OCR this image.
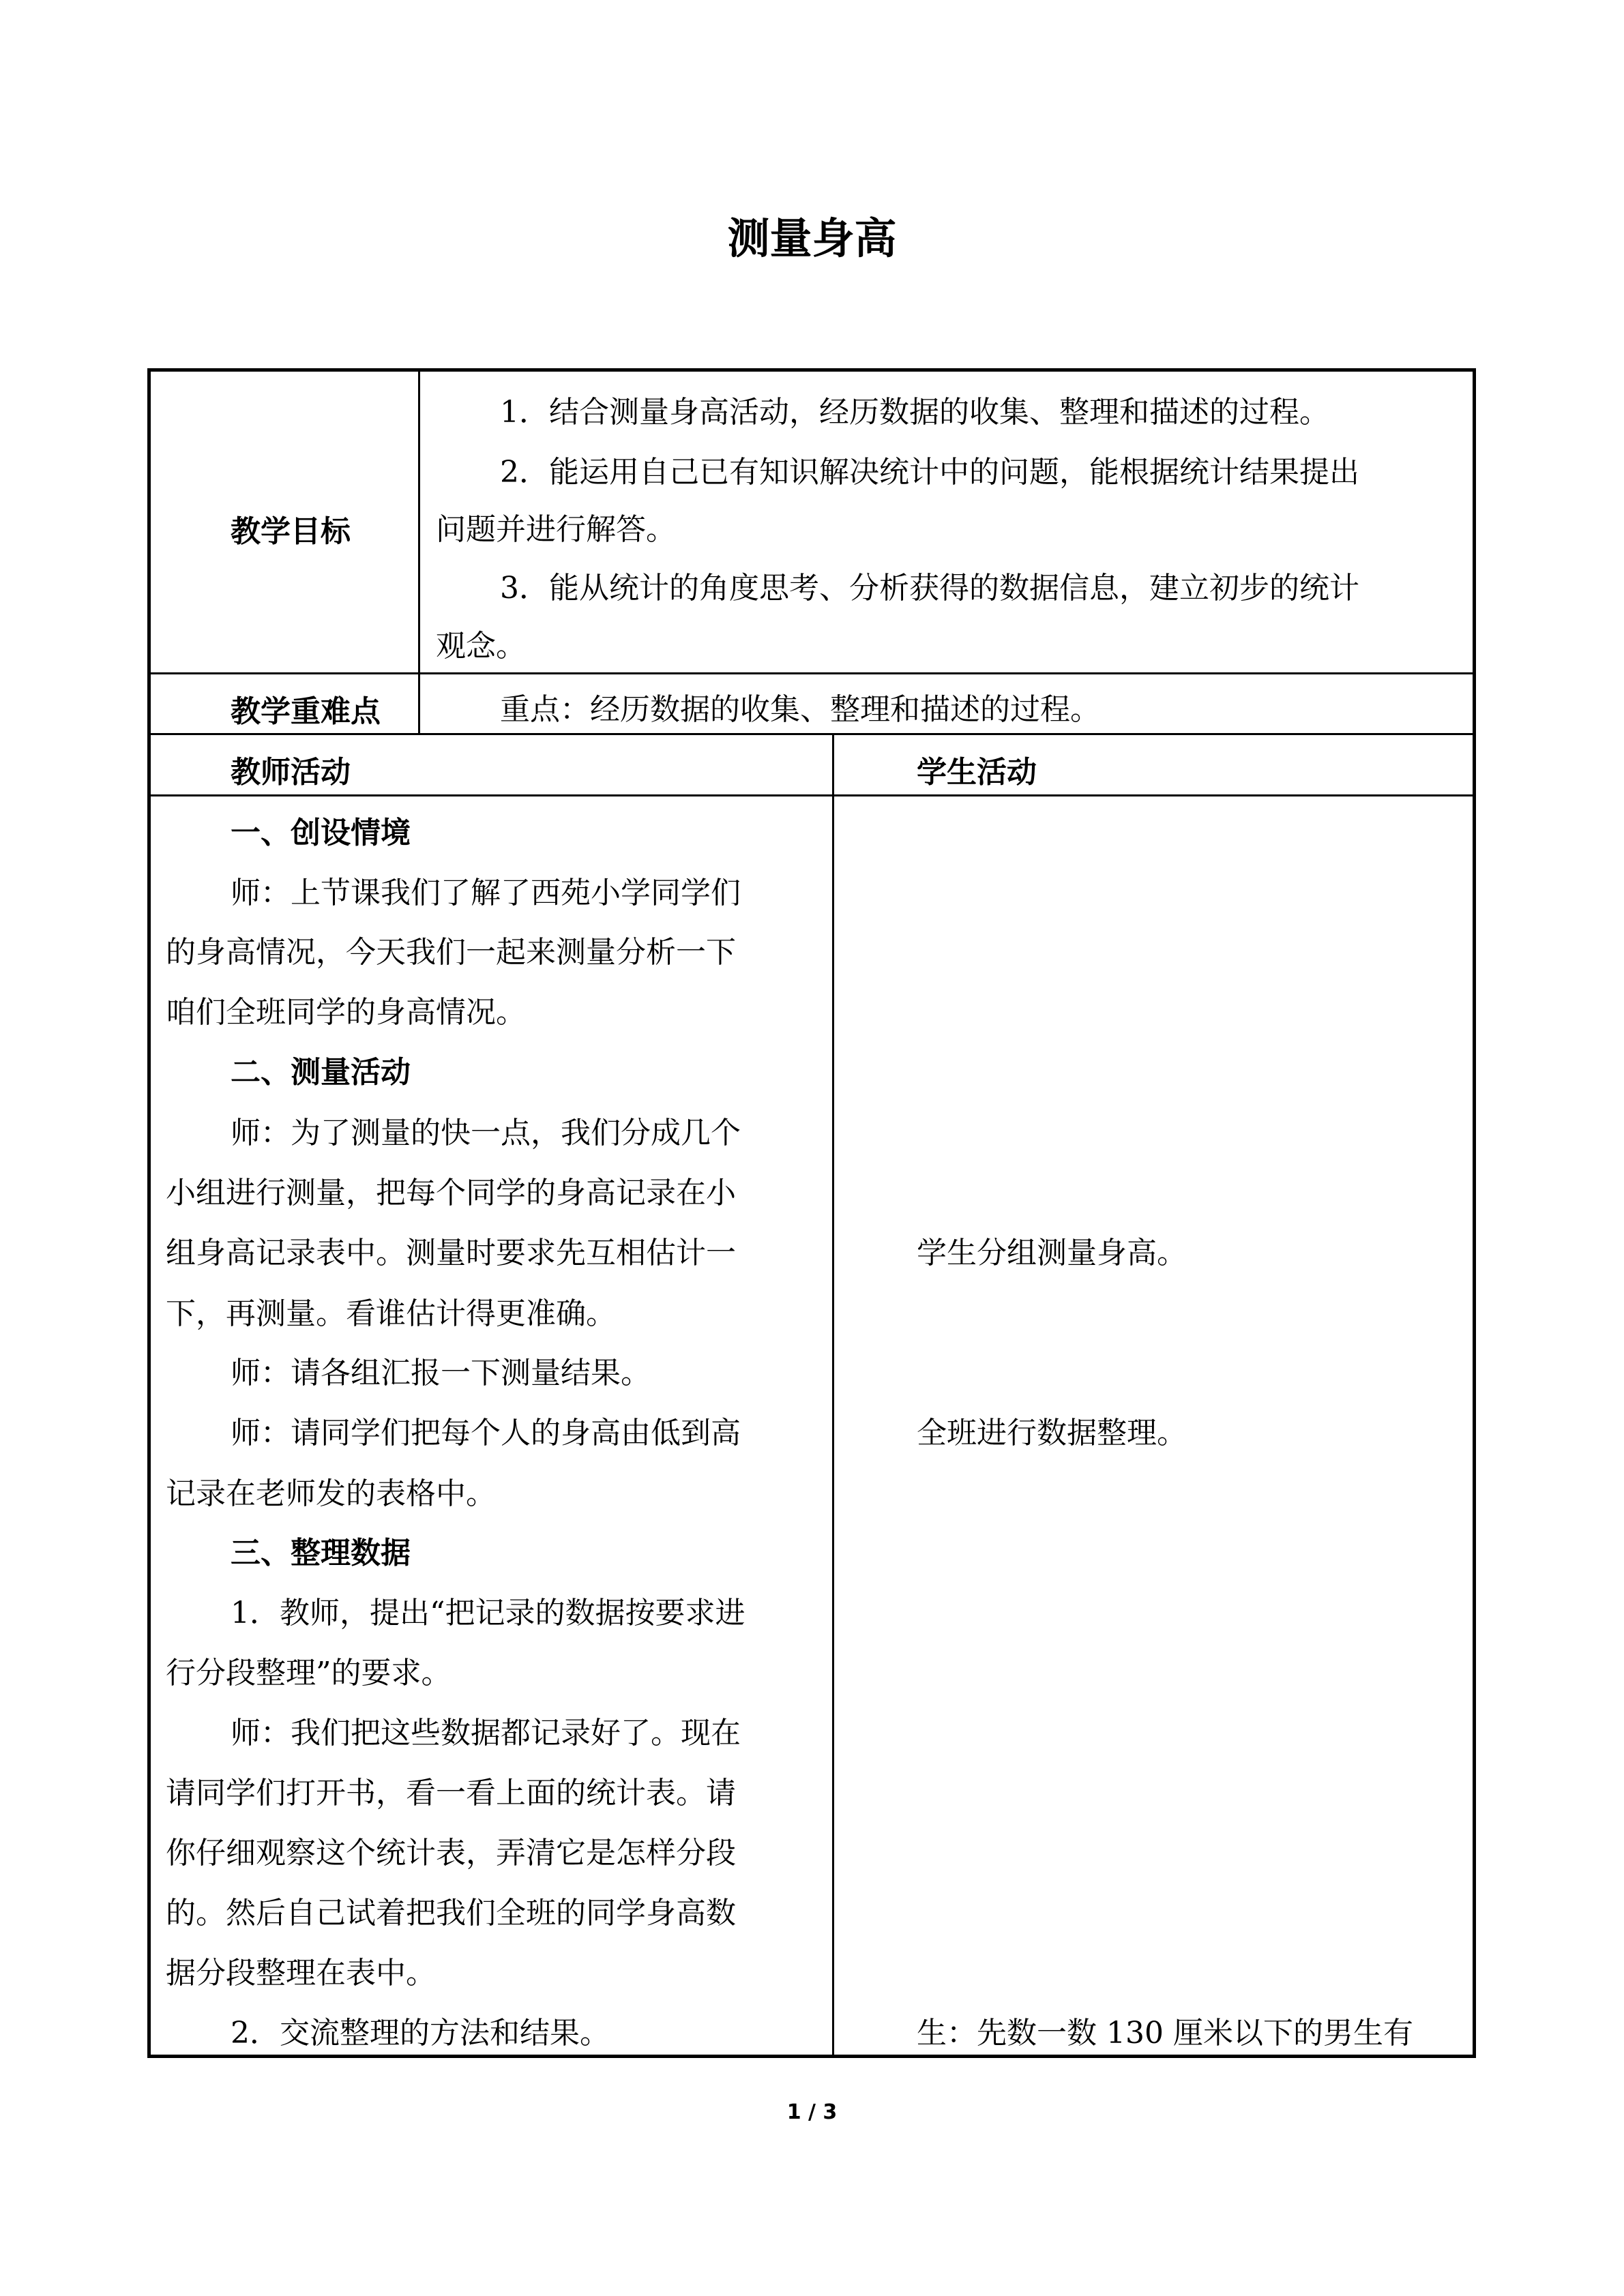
测量身高
教学目标
1．结合测量身高活动，经历数据的收集、整理和描述的过程。
2．能运用自己已有知识解决统计中的问题，能根据统计结果提出
问题并进行解答。
3．能从统计的角度思考、分析获得的数据信息，建立初步的统计
观念。
教学重难点	重点：经历数据的收集、整理和描述的过程。
教师活动	学生活动
一、创设情境
师：上节课我们了解了西苑小学同学们
的身高情况，今天我们一起来测量分析一下
咱们全班同学的身高情况。
二、测量活动
师：为了测量的快一点，我们分成几个
小组进行测量，把每个同学的身高记录在小
组身高记录表中。测量时要求先互相估计一
下，再测量。看谁估计得更准确。
师：请各组汇报一下测量结果。
师：请同学们把每个人的身高由低到高
记录在老师发的表格中。
三、整理数据
1．教师，提出“把记录的数据按要求进
行分段整理”的要求。
师：我们把这些数据都记录好了。现在
请同学们打开书，看一看上面的统计表。请
你仔细观察这个统计表，弄清它是怎样分段
的。然后自己试着把我们全班的同学身高数
据分段整理在表中。
2．交流整理的方法和结果。
学生分组测量身高。
全班进行数据整理。
生：先数一数 130 厘米以下的男生有
1 / 3
